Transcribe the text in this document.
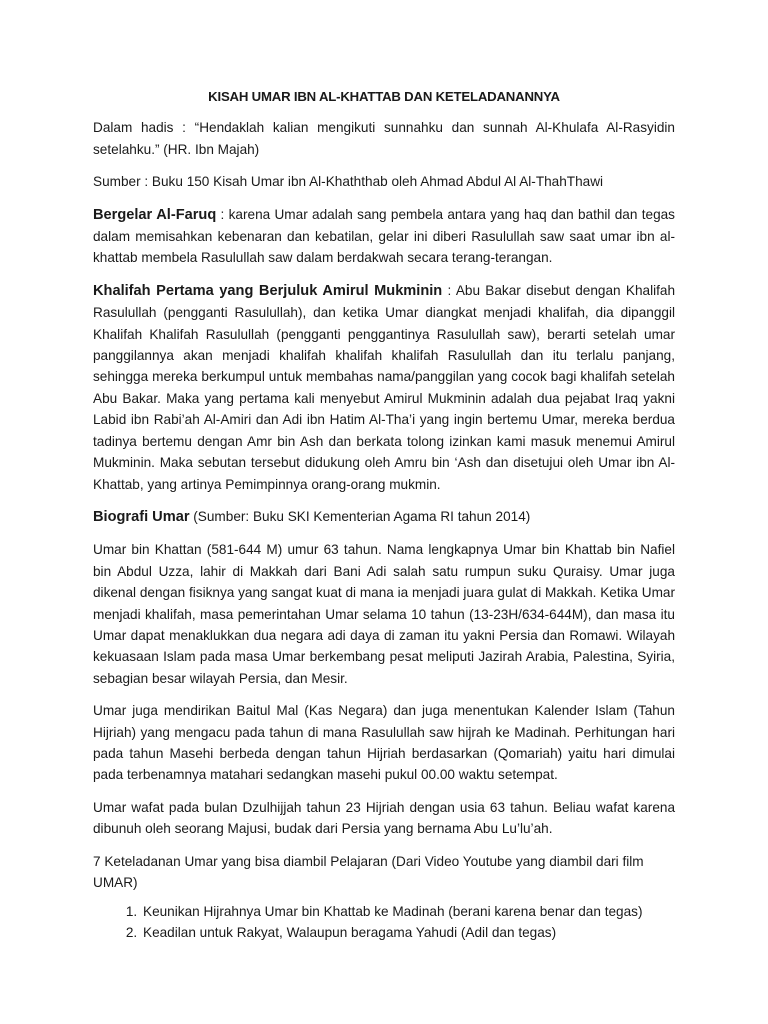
KISAH UMAR IBN AL-KHATTAB DAN KETELADANANNYA

Dalam hadis : “Hendaklah kalian mengikuti sunnahku dan sunnah Al-Khulafa Al-Rasyidin setelahku.” (HR. Ibn Majah)

Sumber : Buku 150 Kisah Umar ibn Al-Khaththab oleh Ahmad Abdul Al Al-ThahThawi

Bergelar Al-Faruq : karena Umar adalah sang pembela antara yang haq dan bathil dan tegas dalam memisahkan kebenaran dan kebatilan, gelar ini diberi Rasulullah saw saat umar ibn al-khattab membela Rasulullah saw dalam berdakwah secara terang-terangan.

Khalifah Pertama yang Berjuluk Amirul Mukminin : Abu Bakar disebut dengan Khalifah Rasulullah (pengganti Rasulullah), dan ketika Umar diangkat menjadi khalifah, dia dipanggil Khalifah Khalifah Rasulullah (pengganti penggantinya Rasulullah saw), berarti setelah umar panggilannya akan menjadi khalifah khalifah khalifah Rasulullah dan itu terlalu panjang, sehingga mereka berkumpul untuk membahas nama/panggilan yang cocok bagi khalifah setelah Abu Bakar. Maka yang pertama kali menyebut Amirul Mukminin adalah dua pejabat Iraq yakni Labid ibn Rabi’ah Al-Amiri dan Adi ibn Hatim Al-Tha’i yang ingin bertemu Umar, mereka berdua tadinya bertemu dengan Amr bin Ash dan berkata tolong izinkan kami masuk menemui Amirul Mukminin. Maka sebutan tersebut didukung oleh Amru bin ‘Ash dan disetujui oleh Umar ibn Al-Khattab, yang artinya Pemimpinnya orang-orang mukmin.

Biografi Umar (Sumber: Buku SKI Kementerian Agama RI tahun 2014)

Umar bin Khattan (581-644 M) umur 63 tahun. Nama lengkapnya Umar bin Khattab bin Nafiel bin Abdul Uzza, lahir di Makkah dari Bani Adi salah satu rumpun suku Quraisy. Umar juga dikenal dengan fisiknya yang sangat kuat di mana ia menjadi juara gulat di Makkah. Ketika Umar menjadi khalifah, masa pemerintahan Umar selama 10 tahun (13-23H/634-644M), dan masa itu Umar dapat menaklukkan dua negara adi daya di zaman itu yakni Persia dan Romawi. Wilayah kekuasaan Islam pada masa Umar berkembang pesat meliputi Jazirah Arabia, Palestina, Syiria, sebagian besar wilayah Persia, dan Mesir.

Umar juga mendirikan Baitul Mal (Kas Negara) dan juga menentukan Kalender Islam (Tahun Hijriah) yang mengacu pada tahun di mana Rasulullah saw hijrah ke Madinah. Perhitungan hari pada tahun Masehi berbeda dengan tahun Hijriah berdasarkan (Qomariah) yaitu hari dimulai pada terbenamnya matahari sedangkan masehi pukul 00.00 waktu setempat.

Umar wafat pada bulan Dzulhijjah tahun 23 Hijriah dengan usia 63 tahun. Beliau wafat karena dibunuh oleh seorang Majusi, budak dari Persia yang bernama Abu Lu’lu’ah.

7 Keteladanan Umar yang bisa diambil Pelajaran (Dari Video Youtube yang diambil dari film UMAR)

1. Keunikan Hijrahnya Umar bin Khattab ke Madinah (berani karena benar dan tegas)
2. Keadilan untuk Rakyat, Walaupun beragama Yahudi (Adil dan tegas)
